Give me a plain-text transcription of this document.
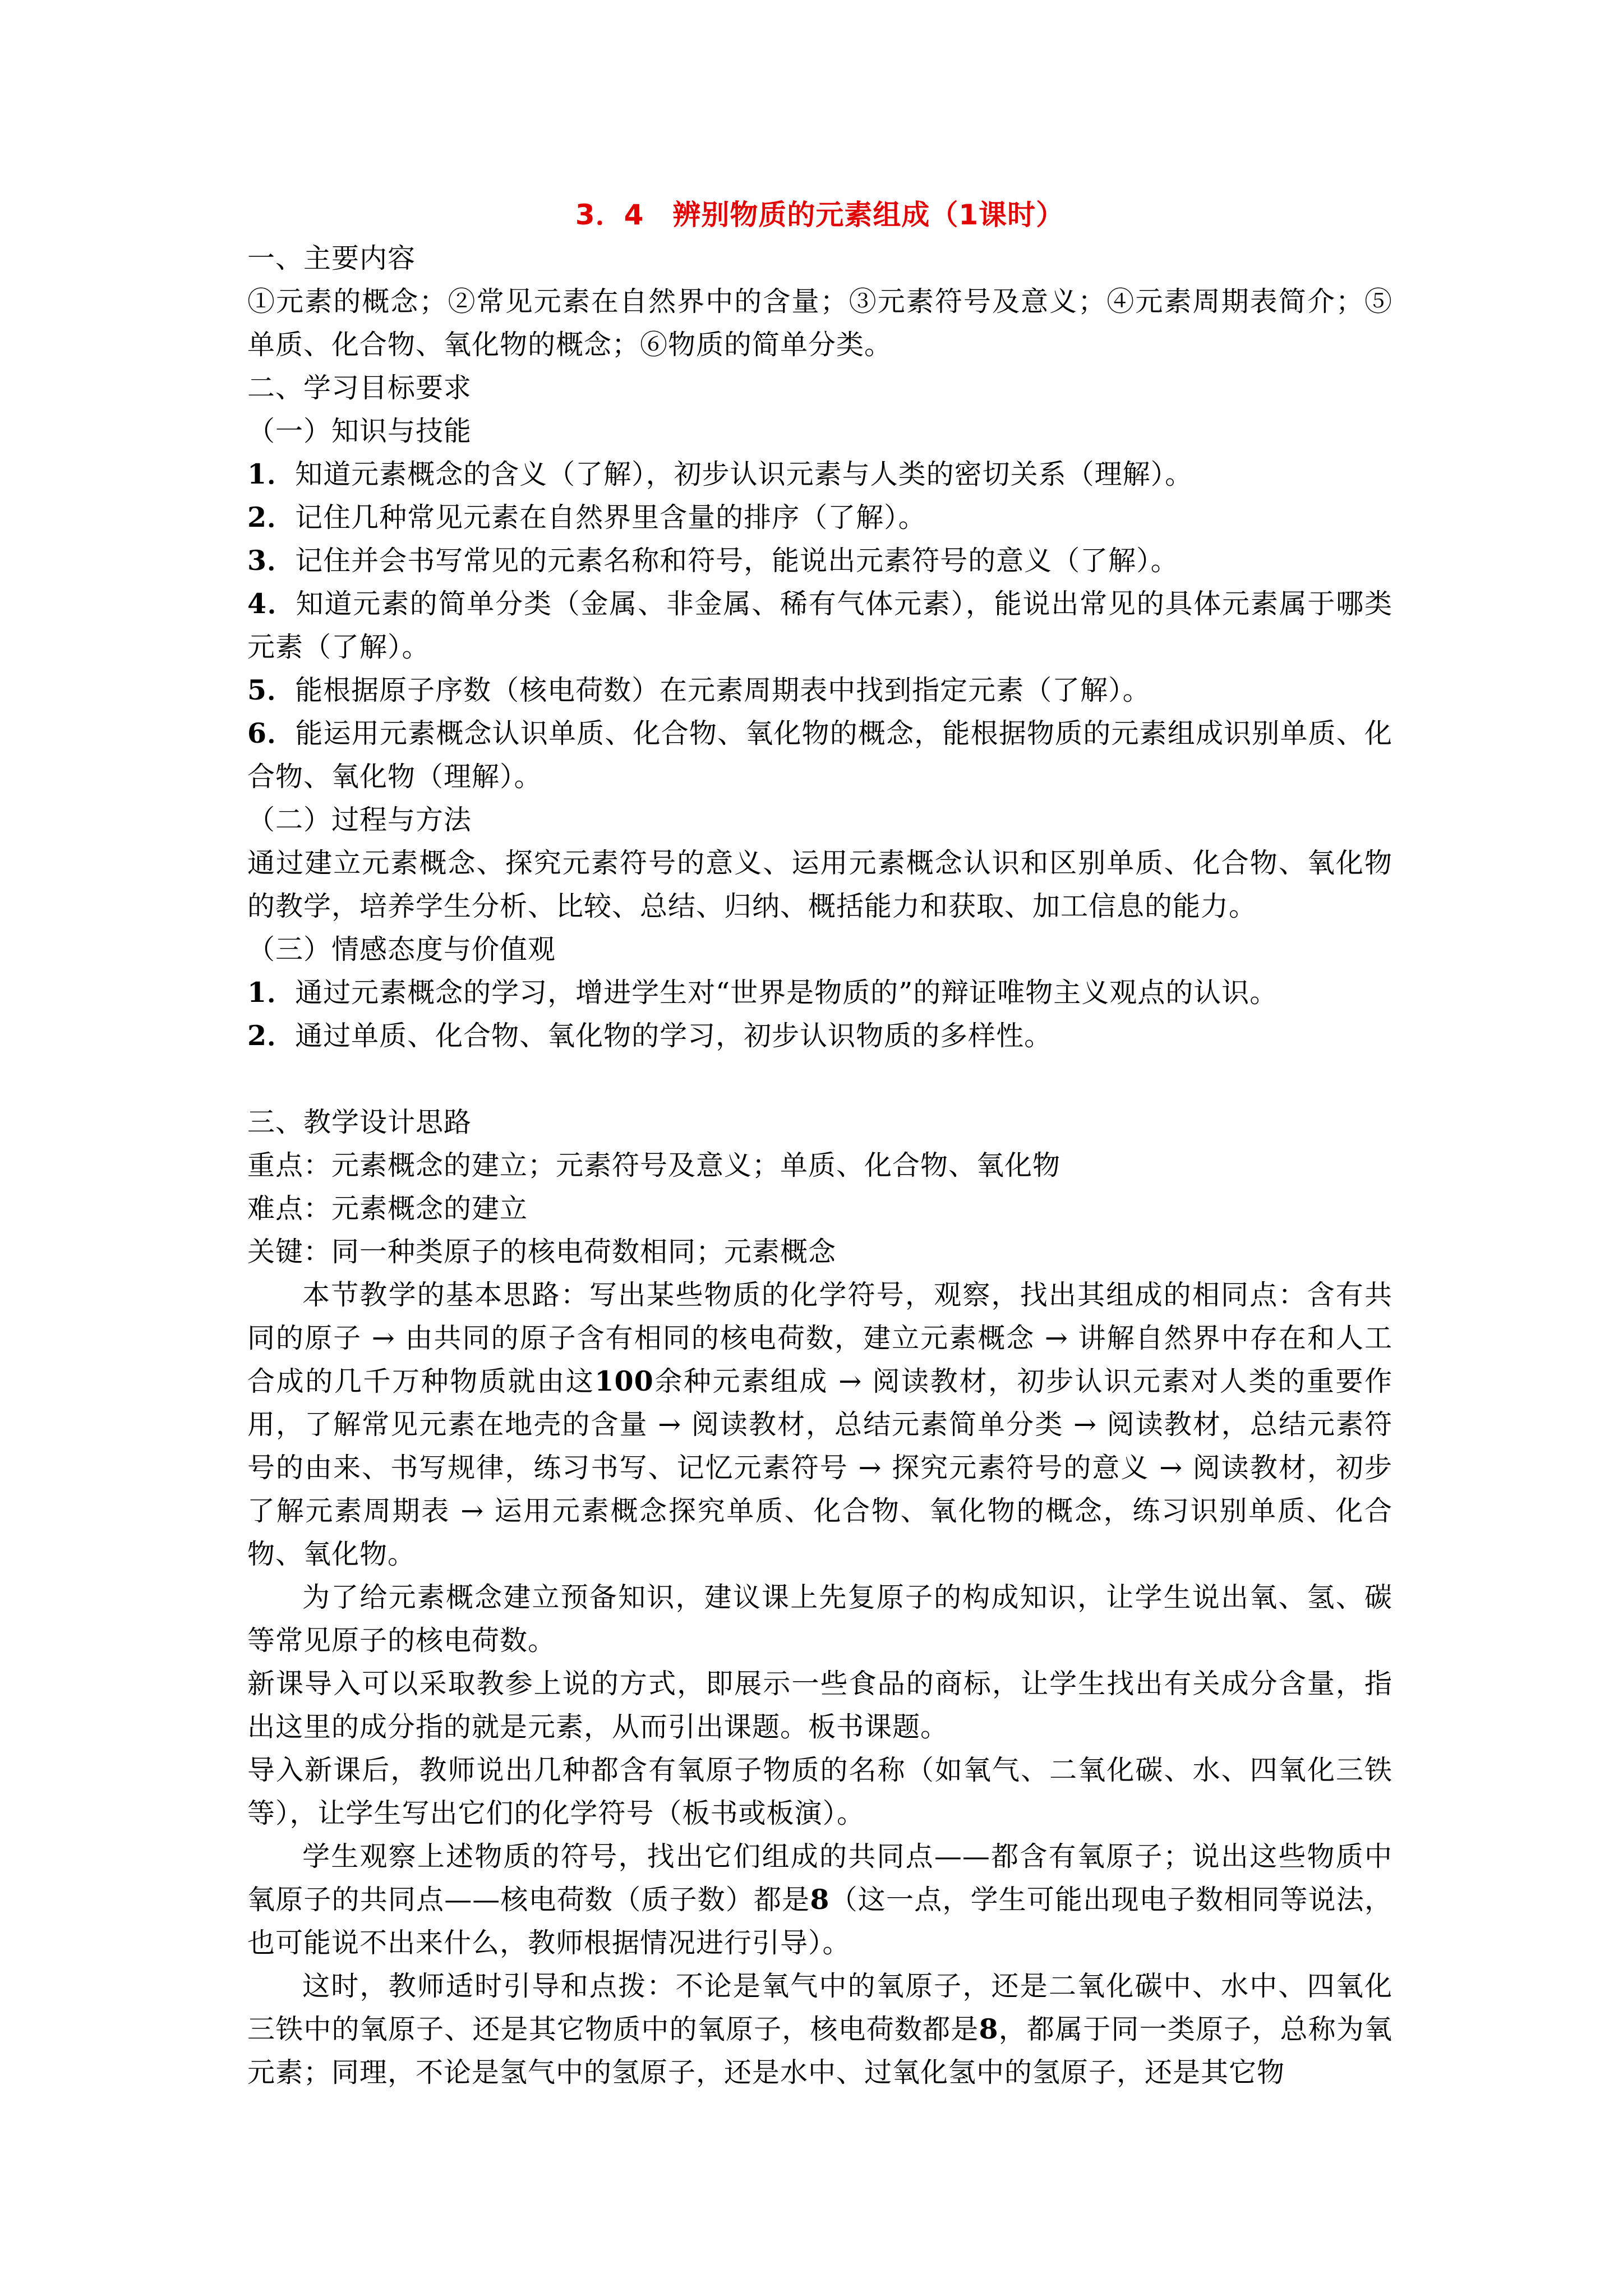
3．4　辨别物质的元素组成（1课时）
一、主要内容
①元素的概念；②常见元素在自然界中的含量；③元素符号及意义；④元素周期表简介；⑤单质、化合物、氧化物的概念；⑥物质的简单分类。
二、学习目标要求
（一）知识与技能
1．知道元素概念的含义（了解），初步认识元素与人类的密切关系（理解）。
2．记住几种常见元素在自然界里含量的排序（了解）。
3．记住并会书写常见的元素名称和符号，能说出元素符号的意义（了解）。
4．知道元素的简单分类（金属、非金属、稀有气体元素），能说出常见的具体元素属于哪类元素（了解）。
5．能根据原子序数（核电荷数）在元素周期表中找到指定元素（了解）。
6．能运用元素概念认识单质、化合物、氧化物的概念，能根据物质的元素组成识别单质、化合物、氧化物（理解）。
（二）过程与方法
通过建立元素概念、探究元素符号的意义、运用元素概念认识和区别单质、化合物、氧化物的教学，培养学生分析、比较、总结、归纳、概括能力和获取、加工信息的能力。
（三）情感态度与价值观
1．通过元素概念的学习，增进学生对“世界是物质的”的辩证唯物主义观点的认识。
2．通过单质、化合物、氧化物的学习，初步认识物质的多样性。
三、教学设计思路
重点：元素概念的建立；元素符号及意义；单质、化合物、氧化物
难点：元素概念的建立
关键：同一种类原子的核电荷数相同；元素概念
本节教学的基本思路：写出某些物质的化学符号，观察，找出其组成的相同点：含有共同的原子 → 由共同的原子含有相同的核电荷数，建立元素概念 → 讲解自然界中存在和人工合成的几千万种物质就由这100余种元素组成 → 阅读教材，初步认识元素对人类的重要作用，了解常见元素在地壳的含量 → 阅读教材，总结元素简单分类 → 阅读教材，总结元素符号的由来、书写规律，练习书写、记忆元素符号 → 探究元素符号的意义 → 阅读教材，初步了解元素周期表 → 运用元素概念探究单质、化合物、氧化物的概念，练习识别单质、化合物、氧化物。
为了给元素概念建立预备知识，建议课上先复原子的构成知识，让学生说出氧、氢、碳等常见原子的核电荷数。
新课导入可以采取教参上说的方式，即展示一些食品的商标，让学生找出有关成分含量，指出这里的成分指的就是元素，从而引出课题。板书课题。
导入新课后，教师说出几种都含有氧原子物质的名称（如氧气、二氧化碳、水、四氧化三铁等），让学生写出它们的化学符号（板书或板演）。
学生观察上述物质的符号，找出它们组成的共同点——都含有氧原子；说出这些物质中氧原子的共同点——核电荷数（质子数）都是8（这一点，学生可能出现电子数相同等说法，也可能说不出来什么，教师根据情况进行引导）。
这时，教师适时引导和点拨：不论是氧气中的氧原子，还是二氧化碳中、水中、四氧化三铁中的氧原子、还是其它物质中的氧原子，核电荷数都是8，都属于同一类原子，总称为氧元素；同理，不论是氢气中的氢原子，还是水中、过氧化氢中的氢原子，还是其它物
